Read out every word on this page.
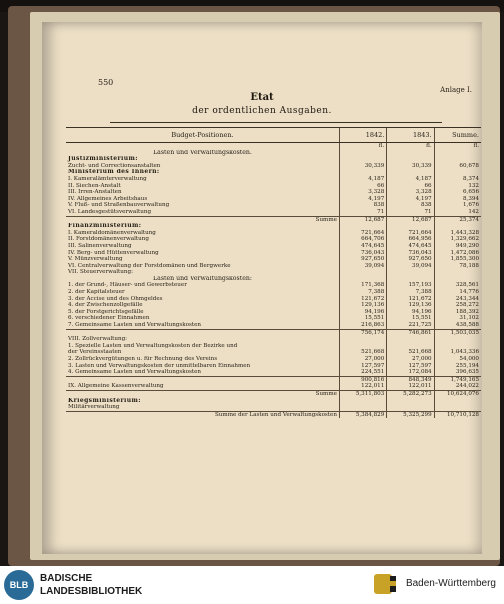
550
Anlage I.
Etat
der ordentlichen Ausgaben.
Budget-Positionen.	1842.	1843.	Summe.
	fl.	fl.	fl.
Lasten und Verwaltungskosten.			
Justizministerium:			
Zucht- und Correctionsanstalten	30,339	30,339	60,678
Ministerium des Innern:			
I. Kameralämterverwaltung	4,187	4,187	8,374
II. Siechen-Anstalt	66	66	132
III. Irren-Anstalten	3,328	3,328	6,656
IV. Allgemeines Arbeitshaus	4,197	4,197	8,394
V. Fluß- und Straßenbauverwaltung	838	838	1,676
VI. Landesgestütsverwaltung	71	71	142
Summe	12,687	12,687	25,374
Finanzministerium:			
I. Kameraldomänenverwaltung	721,664	721,664	1,443,328
II. Forstdomänenverwaltung	664,706	664,956	1,329,662
III. Salinenverwaltung	474,645	474,645	949,290
IV. Berg- und Hüttenverwaltung	736,043	736,043	1,472,086
V. Münzverwaltung	927,650	927,650	1,855,300
VI. Centralverwaltung der Forstdomänen und Bergwerke	39,094	39,094	78,188
VII. Steuerverwaltung:			
Lasten und Verwaltungskosten:			
1. der Grund-, Häuser- und Gewerbsteuer	171,368	157,193	328,561
2. der Kapitalsteuer	7,388	7,388	14,776
3. der Accise und des Ohmgeldes	121,672	121,672	243,344
4. der Zwischenzollgefälle	129,136	129,136	258,272
5. der Forstgerichtsgefälle	94,196	94,196	188,392
6. verschiedener Einnahmen	15,551	15,551	31,102
7. Gemeinsame Lasten und Verwaltungskosten	216,863	221,725	438,588
	756,174	746,861	1,503,035
VIII. Zollverwaltung:			
1. Spezielle Lasten und Verwaltungskosten der Bezirke und			
der Vereinsstaaten	521,668	521,668	1,043,336
2. Zollrückvergütungen u. für Rechnung des Vereins	27,000	27,000	54,000
3. Lasten und Verwaltungskosten der unmittelbaren Einnahmen	127,597	127,597	255,194
4. Gemeinsame Lasten und Verwaltungskosten	224,551	172,084	396,635
	900,816	848,349	1,749,165
IX. Allgemeine Kassenverwaltung	122,011	122,011	244,022
Summe	5,311,803	5,282,273	10,624,076
Kriegsministerium:			
Militärverwaltung			
Summe der Lasten und Verwaltungskosten	5,384,829	5,325,299	10,710,128
BLB
BADISCHE
LANDESBIBLIOTHEK
Baden-Württemberg
